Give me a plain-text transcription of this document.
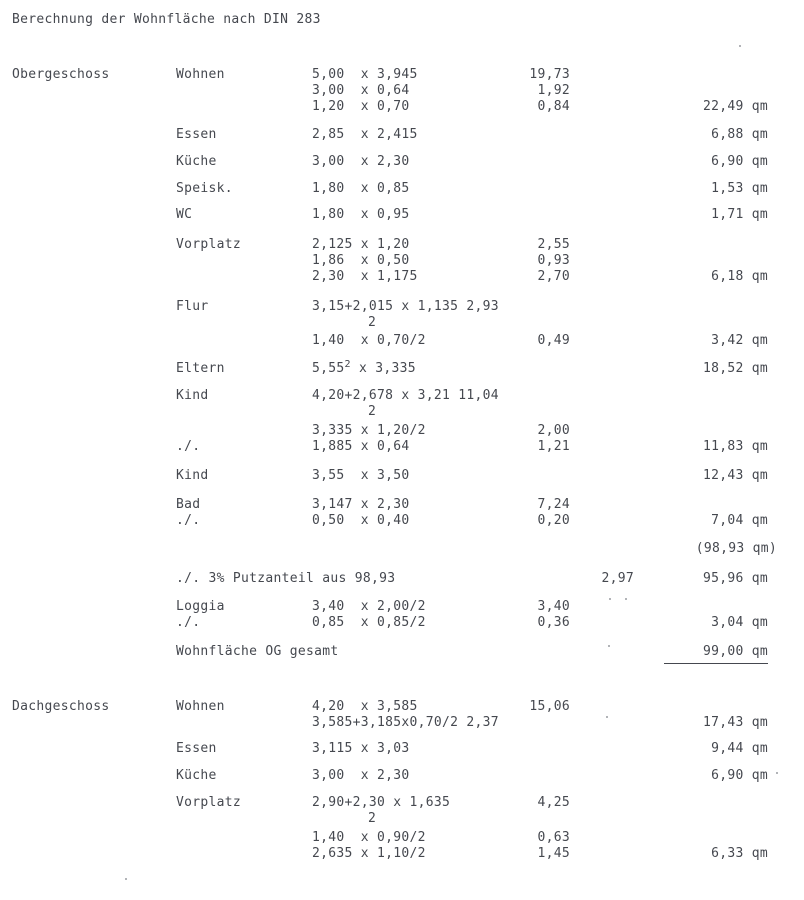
Berechnung der Wohnfläche nach DIN 283
Obergeschoss	Wohnen	5,00  x 3,945	19,73
3,00  x 0,64	1,92
1,20  x 0,70	0,84	22,49 qm
Essen	2,85  x 2,415	6,88 qm
Küche	3,00  x 2,30	6,90 qm
Speisk.	1,80  x 0,85	1,53 qm
WC	1,80  x 0,95	1,71 qm
Vorplatz	2,125 x 1,20	2,55
1,86  x 0,50	0,93
2,30  x 1,175	2,70	6,18 qm
Flur	3,15+2,015 x 1,135 2,93
2
1,40  x 0,70/2	0,49	3,42 qm
Eltern	5,55$^2$ x 3,335	18,52 qm
Kind	4,20+2,678 x 3,21 11,04
2
3,335 x 1,20/2	2,00
./.	1,885 x 0,64	1,21	11,83 qm
Kind	3,55  x 3,50	12,43 qm
Bad	3,147 x 2,30	7,24
./.	0,50  x 0,40	0,20	7,04 qm
(98,93 qm)
./. 3% Putzanteil aus 98,93	2,97	95,96 qm
Loggia	3,40  x 2,00/2	3,40
./.	0,85  x 0,85/2	0,36	3,04 qm
Wohnfläche OG gesamt	99,00 qm
Dachgeschoss	Wohnen	4,20  x 3,585	15,06
3,585+3,185x0,70/2 2,37	17,43 qm
Essen	3,115 x 3,03	9,44 qm
Küche	3,00  x 2,30	6,90 qm
Vorplatz	2,90+2,30 x 1,635	4,25
2
1,40  x 0,90/2	0,63
2,635 x 1,10/2	1,45	6,33 qm
